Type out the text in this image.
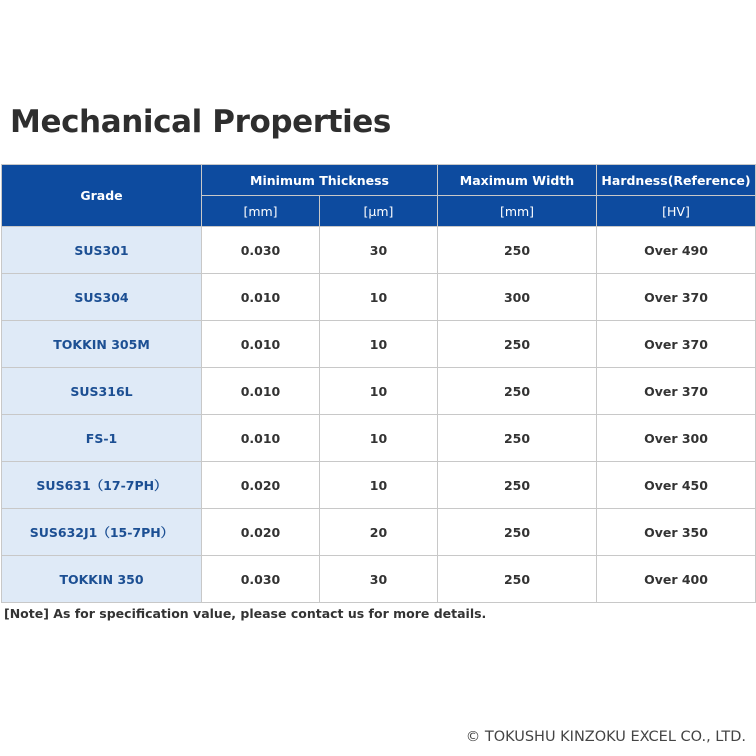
Mechanical Properties
Grade	Minimum Thickness		Maximum Width	Hardness(Reference)
	[mm]	[μm]	[mm]	[HV]
SUS301	0.030	30	250	Over 490
SUS304	0.010	10	300	Over 370
TOKKIN 305M	0.010	10	250	Over 370
SUS316L	0.010	10	250	Over 370
FS-1	0.010	10	250	Over 300
SUS631（17-7PH）	0.020	10	250	Over 450
SUS632J1（15-7PH）	0.020	20	250	Over 350
TOKKIN 350	0.030	30	250	Over 400
[Note] As for specification value, please contact us for more details.
© TOKUSHU KINZOKU EXCEL CO., LTD.
